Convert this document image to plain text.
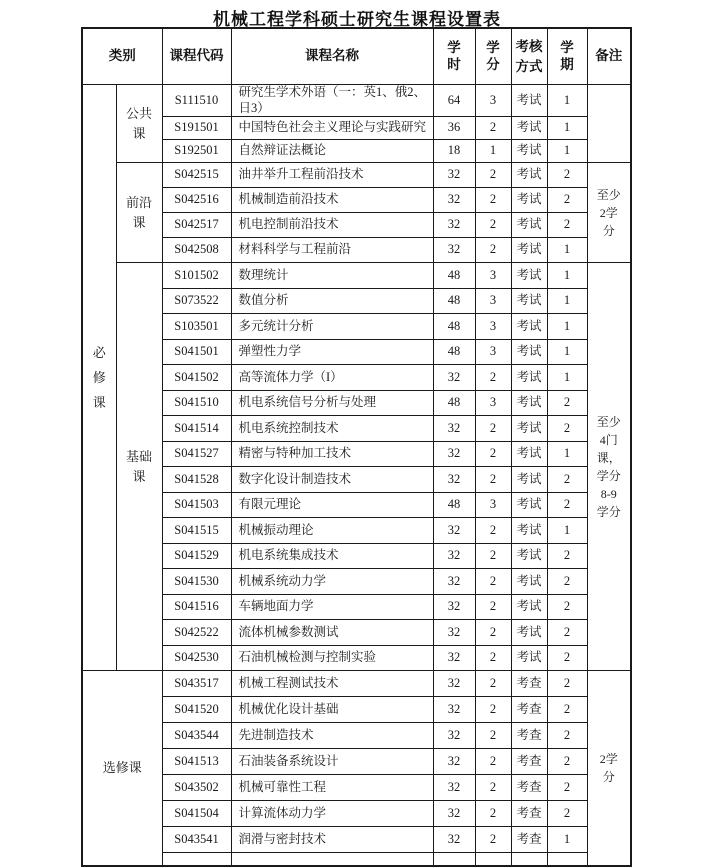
机械工程学科硕士研究生课程设置表
类别		课程代码	课程名称	学时	学分	考核方式	学期	备注
必修课	公共课	S111510	研究生学术外语（一：英1、俄2、日3）	64	3	考试	1	
		S191501	中国特色社会主义理论与实践研究	36	2	考试	1	
		S192501	自然辩证法概论	18	1	考试	1	
	前沿课	S042515	油井举升工程前沿技术	32	2	考试	2	至少2学分
		S042516	机械制造前沿技术	32	2	考试	2	
		S042517	机电控制前沿技术	32	2	考试	2	
		S042508	材料科学与工程前沿	32	2	考试	1	
	基础课	S101502	数理统计	48	3	考试	1	至少4门课，学分8-9学分
		S073522	数值分析	48	3	考试	1	
		S103501	多元统计分析	48	3	考试	1	
		S041501	弹塑性力学	48	3	考试	1	
		S041502	高等流体力学（I）	32	2	考试	1	
		S041510	机电系统信号分析与处理	48	3	考试	2	
		S041514	机电系统控制技术	32	2	考试	2	
		S041527	精密与特种加工技术	32	2	考试	1	
		S041528	数字化设计制造技术	32	2	考试	2	
		S041503	有限元理论	48	3	考试	2	
		S041515	机械振动理论	32	2	考试	1	
		S041529	机电系统集成技术	32	2	考试	2	
		S041530	机械系统动力学	32	2	考试	2	
		S041516	车辆地面力学	32	2	考试	2	
		S042522	流体机械参数测试	32	2	考试	2	
		S042530	石油机械检测与控制实验	32	2	考试	2	
选修课		S043517	机械工程测试技术	32	2	考查	2	2学分
		S041520	机械优化设计基础	32	2	考查	2	
		S043544	先进制造技术	32	2	考查	2	
		S041513	石油装备系统设计	32	2	考查	2	
		S043502	机械可靠性工程	32	2	考查	2	
		S041504	计算流体动力学	32	2	考查	2	
		S043541	润滑与密封技术	32	2	考查	1	
